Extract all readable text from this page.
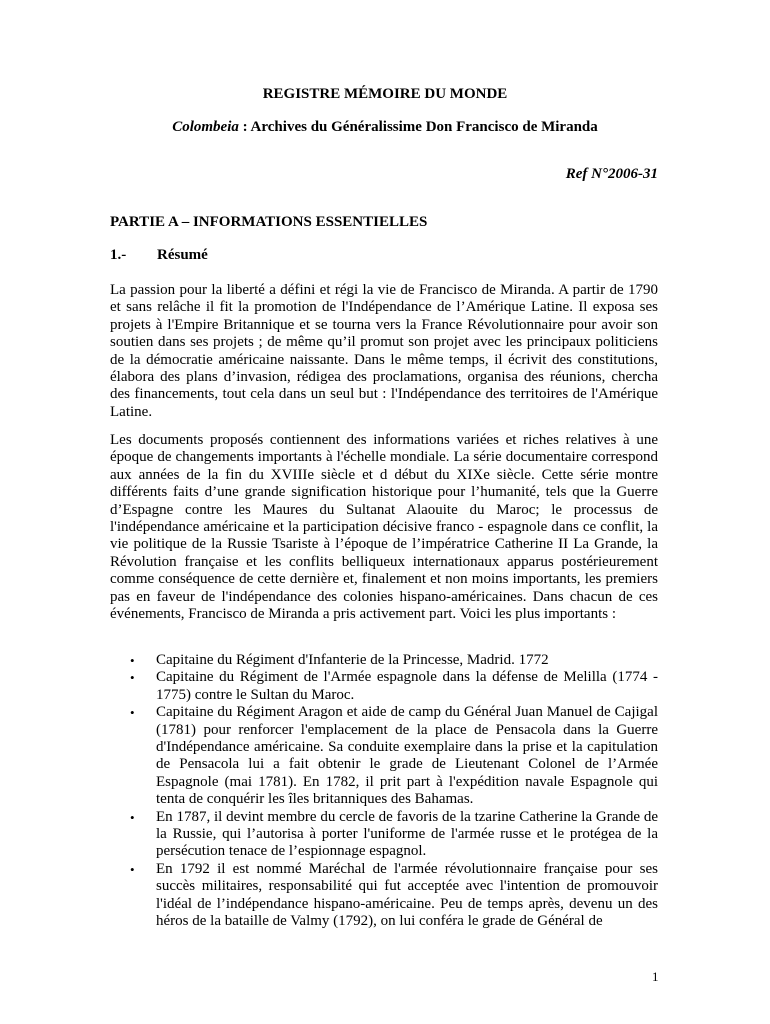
REGISTRE MÉMOIRE DU MONDE
Colombeia : Archives du Généralissime Don Francisco de Miranda
Ref N°2006-31
PARTIE A – INFORMATIONS ESSENTIELLES
1.- Résumé

La passion pour la liberté a défini et régi la vie de Francisco de Miranda. A partir de 1790 et sans relâche il fit la promotion de l'Indépendance de l’Amérique Latine. Il exposa ses projets à l'Empire Britannique et se tourna vers la France Révolutionnaire pour avoir son soutien dans ses projets ; de même qu’il promut son projet avec les principaux politiciens de la démocratie américaine naissante. Dans le même temps, il écrivit des constitutions, élabora des plans d’invasion, rédigea des proclamations, organisa des réunions, chercha des financements, tout cela dans un seul but : l'Indépendance des territoires de l'Amérique Latine.

Les documents proposés contiennent des informations variées et riches relatives à une époque de changements importants à l'échelle mondiale. La série documentaire correspond aux années de la fin du XVIIIe siècle et d début du XIXe siècle. Cette série montre différents faits d’une grande signification historique pour l’humanité, tels que la Guerre d’Espagne contre les Maures du Sultanat Alaouite du Maroc; le processus de l'indépendance américaine et la participation décisive franco - espagnole dans ce conflit, la vie politique de la Russie Tsariste à l’époque de l’impératrice Catherine II La Grande, la Révolution française et les conflits belliqueux internationaux apparus postérieurement comme conséquence de cette dernière et, finalement et non moins importants, les premiers pas en faveur de l'indépendance des colonies hispano-américaines. Dans chacun de ces événements, Francisco de Miranda a pris activement part. Voici les plus importants :

• Capitaine du Régiment d'Infanterie de la Princesse, Madrid. 1772
• Capitaine du Régiment de l'Armée espagnole dans la défense de Melilla (1774 - 1775) contre le Sultan du Maroc.
• Capitaine du Régiment Aragon et aide de camp du Général Juan Manuel de Cajigal (1781) pour renforcer l'emplacement de la place de Pensacola dans la Guerre d'Indépendance américaine. Sa conduite exemplaire dans la prise et la capitulation de Pensacola lui a fait obtenir le grade de Lieutenant Colonel de l’Armée Espagnole (mai 1781). En 1782, il prit part à l'expédition navale Espagnole qui tenta de conquérir les îles britanniques des Bahamas.
• En 1787, il devint membre du cercle de favoris de la tzarine Catherine la Grande de la Russie, qui l’autorisa à porter l'uniforme de l'armée russe et le protégea de la persécution tenace de l’espionnage espagnol.
• En 1792 il est nommé Maréchal de l'armée révolutionnaire française pour ses succès militaires, responsabilité qui fut acceptée avec l'intention de promouvoir l'idéal de l’indépendance hispano-américaine. Peu de temps après, devenu un des héros de la bataille de Valmy (1792), on lui conféra le grade de Général de
1
